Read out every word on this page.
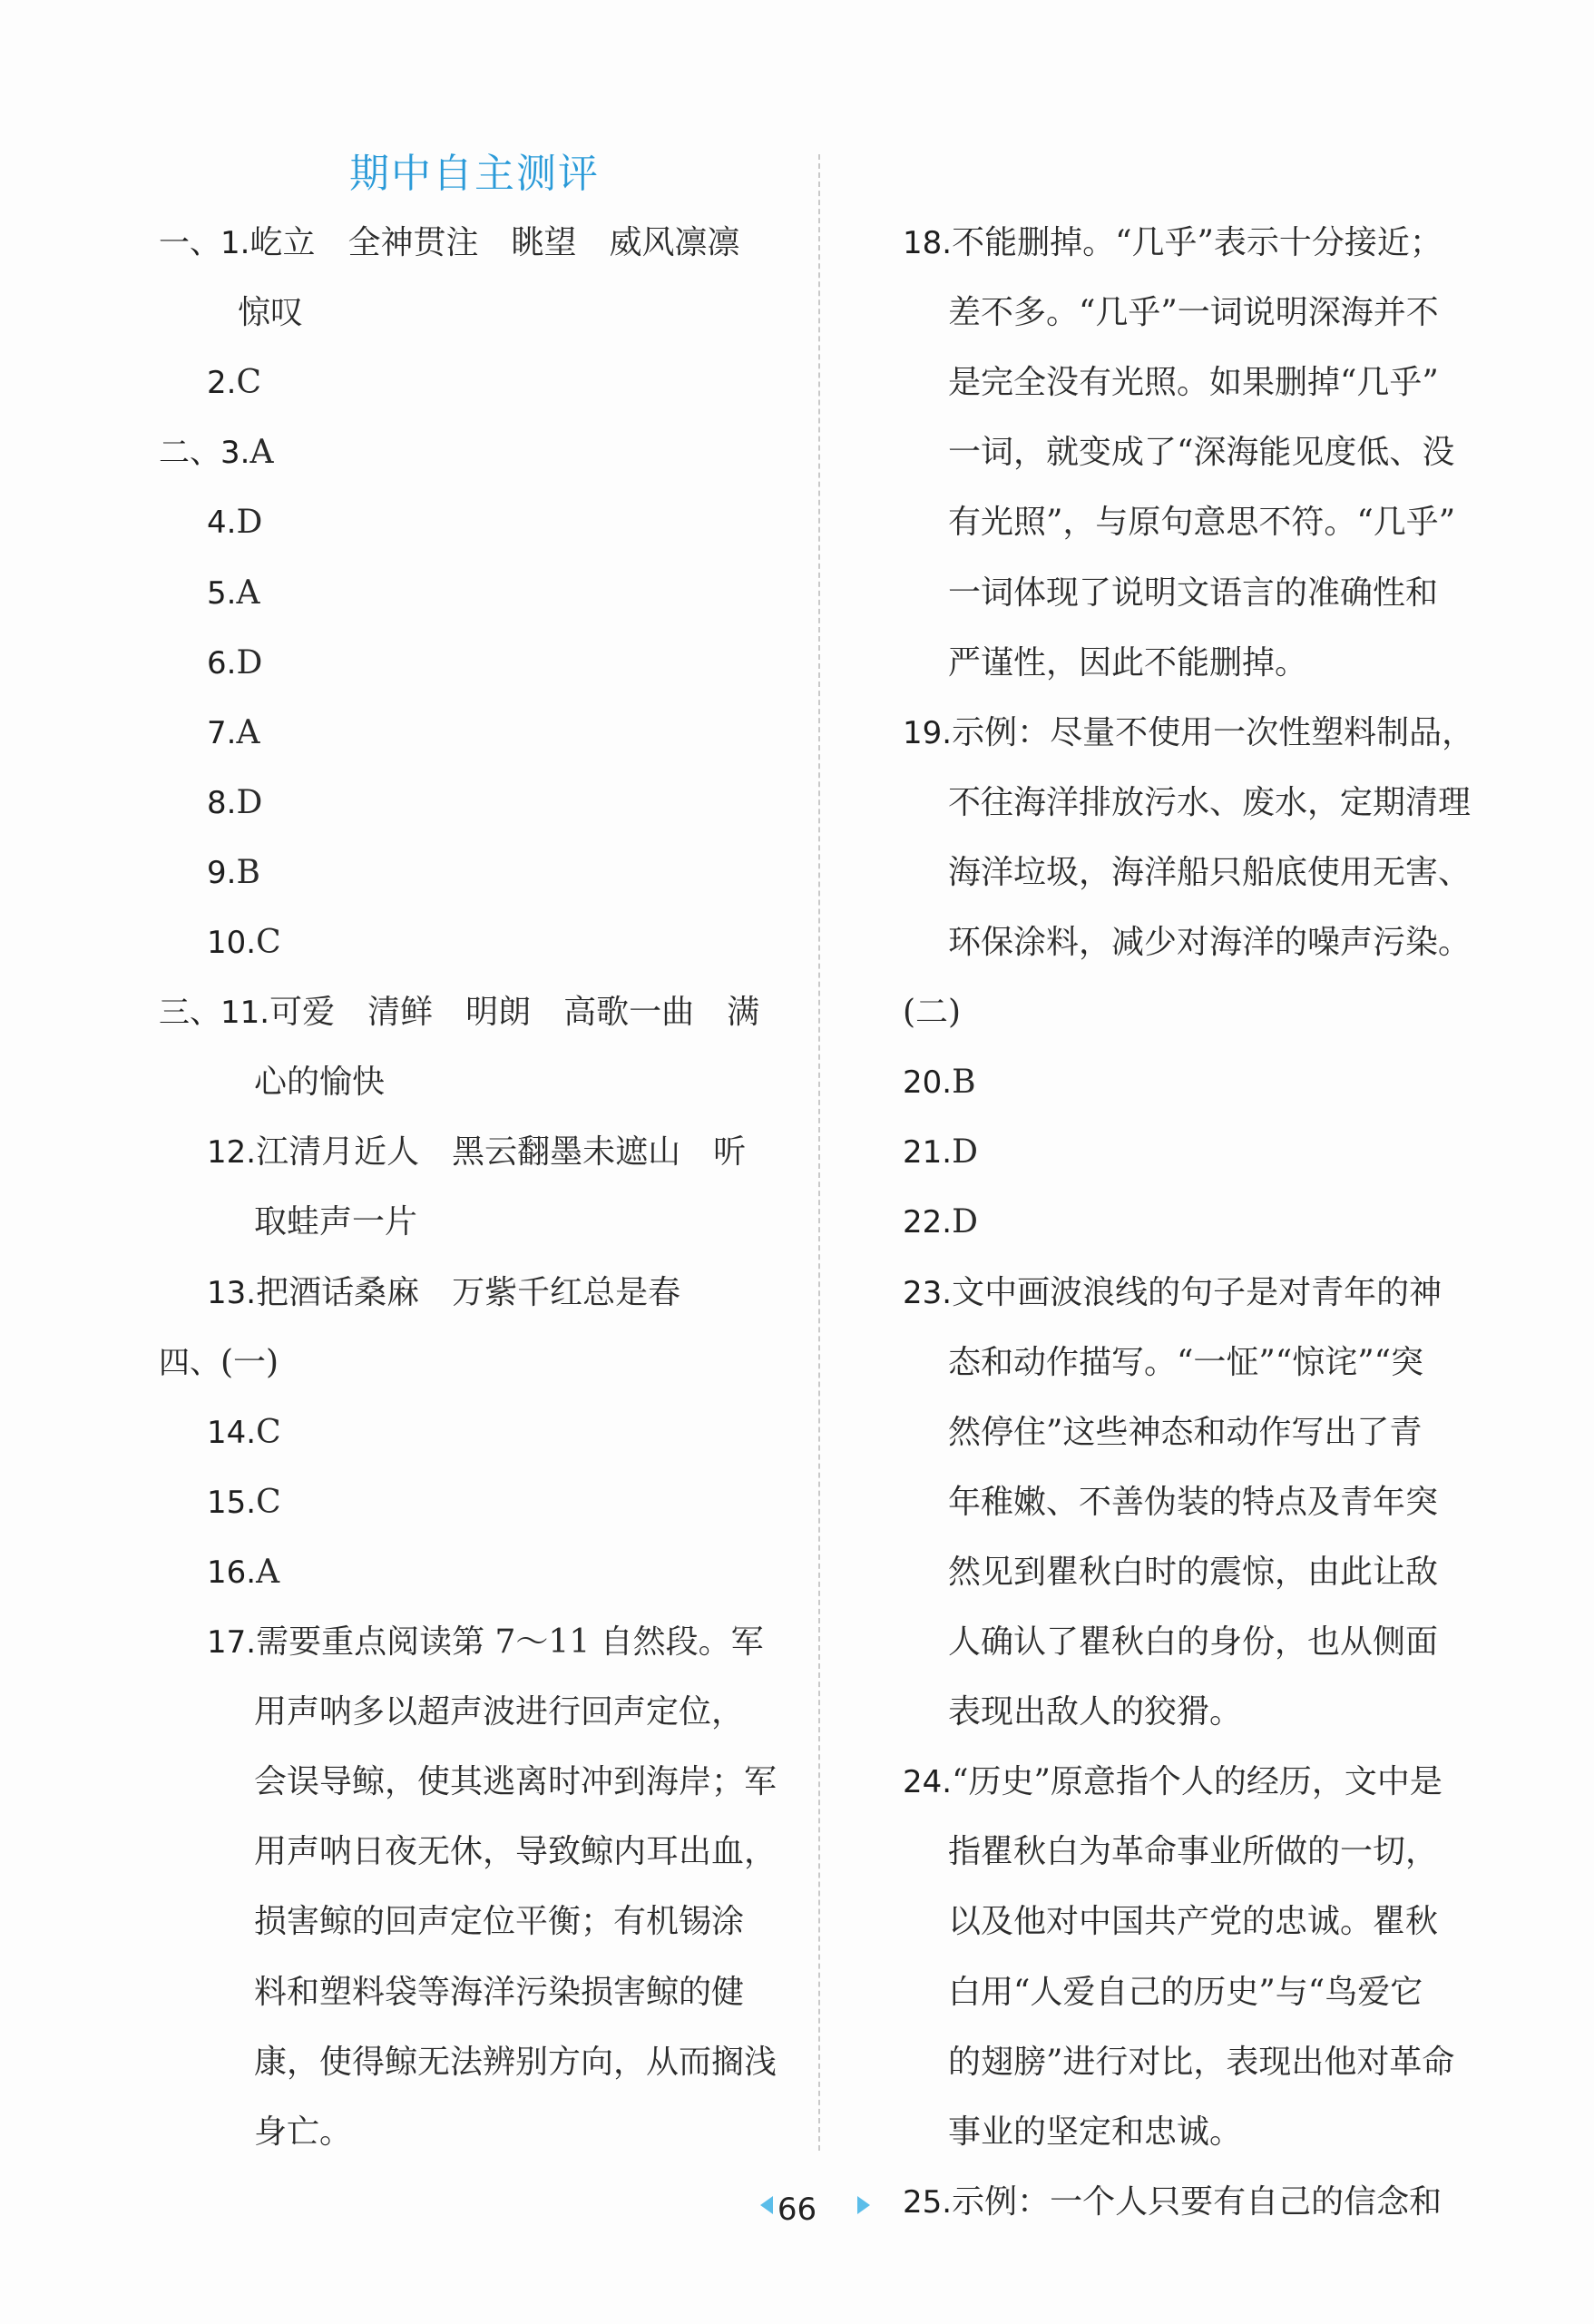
期中自主测评
一、1.屹立　全神贯注　眺望　威风凛凛
惊叹
2.C
二、3.A
4.D
5.A
6.D
7.A
8.D
9.B
10.C
三、11.可爱　清鲜　明朗　高歌一曲　满
心的愉快
12.江清月近人　黑云翻墨未遮山　听
取蛙声一片
13.把酒话桑麻　万紫千红总是春
四、(一)
14.C
15.C
16.A
17.需要重点阅读第 7～11 自然段。军
用声呐多以超声波进行回声定位，
会误导鲸，使其逃离时冲到海岸；军
用声呐日夜无休，导致鲸内耳出血，
损害鲸的回声定位平衡；有机锡涂
料和塑料袋等海洋污染损害鲸的健
康，使得鲸无法辨别方向，从而搁浅
身亡。
18.不能删掉。“几乎”表示十分接近；
差不多。“几乎”一词说明深海并不
是完全没有光照。如果删掉“几乎”
一词，就变成了“深海能见度低、没
有光照”，与原句意思不符。“几乎”
一词体现了说明文语言的准确性和
严谨性，因此不能删掉。
19.示例：尽量不使用一次性塑料制品，
不往海洋排放污水、废水，定期清理
海洋垃圾，海洋船只船底使用无害、
环保涂料，减少对海洋的噪声污染。
(二)
20.B
21.D
22.D
23.文中画波浪线的句子是对青年的神
态和动作描写。“一怔”“惊诧”“突
然停住”这些神态和动作写出了青
年稚嫩、不善伪装的特点及青年突
然见到瞿秋白时的震惊，由此让敌
人确认了瞿秋白的身份，也从侧面
表现出敌人的狡猾。
24.“历史”原意指个人的经历，文中是
指瞿秋白为革命事业所做的一切，
以及他对中国共产党的忠诚。瞿秋
白用“人爱自己的历史”与“鸟爱它
的翅膀”进行对比，表现出他对革命
事业的坚定和忠诚。
25.示例：一个人只要有自己的信念和
66
